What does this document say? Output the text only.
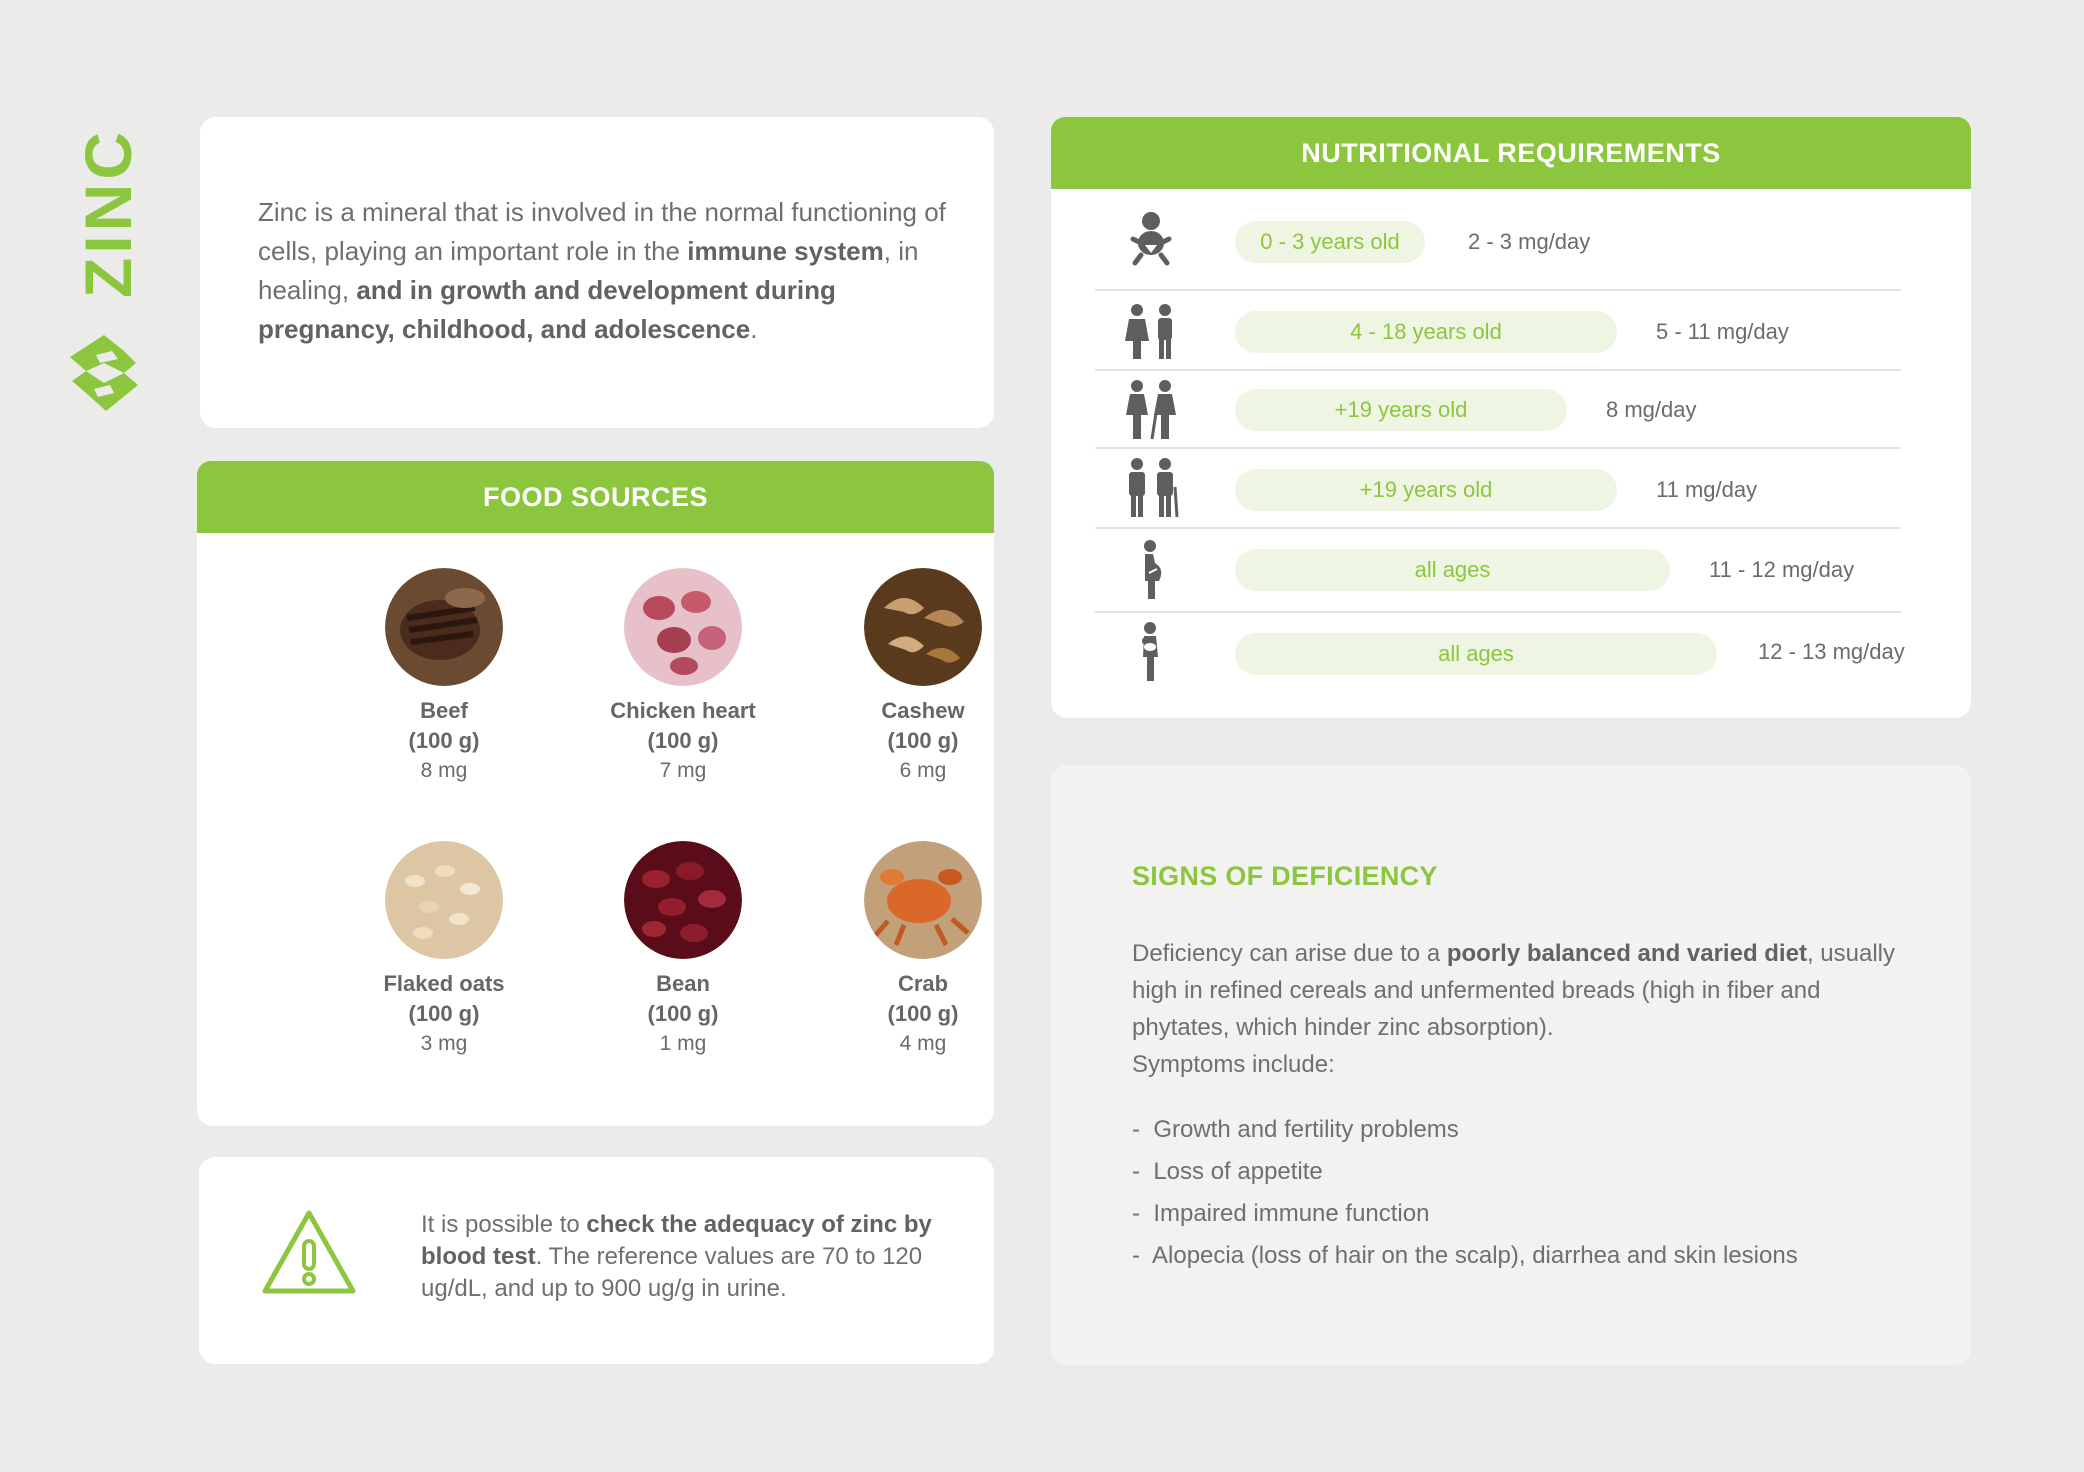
ZINC	Zinc is a mineral that is involved in the normal functioning of cells, playing an important role in the immune system, in healing, and in growth and development during pregnancy, childhood, and adolescence.

FOOD SOURCES
Beef
(100 g)
8 mg
Chicken heart
(100 g)
7 mg
Cashew
(100 g)
6 mg
Flaked oats
(100 g)
3 mg
Bean
(100 g)
1 mg
Crab
(100 g)
4 mg

It is possible to check the adequacy of zinc by blood test. The reference values are 70 to 120 ug/dL, and up to 900 ug/g in urine.

NUTRITIONAL REQUIREMENTS
0 - 3 years old	2 - 3 mg/day
4 - 18 years old	5 - 11 mg/day
+19 years old	8 mg/day
+19 years old	11 mg/day
all ages	11 - 12 mg/day
all ages	12 - 13 mg/day
SIGNS OF DEFICIENCY
Deficiency can arise due to a poorly balanced and varied diet, usually high in refined cereals and unfermented breads (high in fiber and phytates, which hinder zinc absorption).
Symptoms include:
- Growth and fertility problems
- Loss of appetite
- Impaired immune function
- Alopecia (loss of hair on the scalp), diarrhea and skin lesions
